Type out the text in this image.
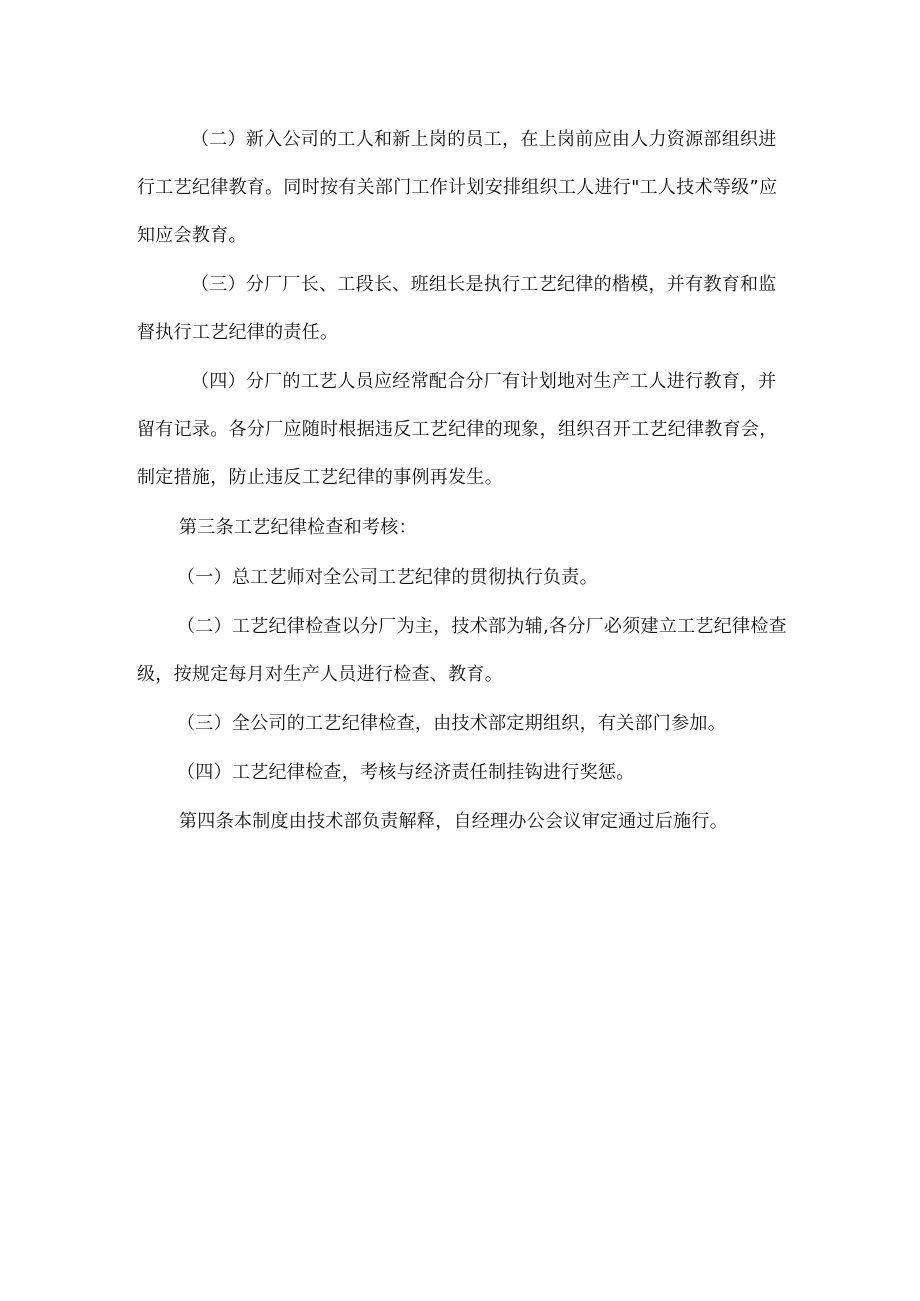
（二）新入公司的工人和新上岗的员工，在上岗前应由人力资源部组织进行工艺纪律教育。同时按有关部门工作计划安排组织工人进行"工人技术等级”应知应会教育。

（三）分厂厂长、工段长、班组长是执行工艺纪律的楷模，并有教育和监督执行工艺纪律的责任。

（四）分厂的工艺人员应经常配合分厂有计划地对生产工人进行教育，并留有记录。各分厂应随时根据违反工艺纪律的现象，组织召开工艺纪律教育会，制定措施，防止违反工艺纪律的事例再发生。

第三条工艺纪律检查和考核：

（一）总工艺师对全公司工艺纪律的贯彻执行负责。

（二）工艺纪律检查以分厂为主，技术部为辅,各分厂必须建立工艺纪律检查级，按规定每月对生产人员进行检查、教育。

（三）全公司的工艺纪律检查，由技术部定期组织，有关部门参加。

（四）工艺纪律检查，考核与经济责任制挂钩进行奖惩。

第四条本制度由技术部负责解释，自经理办公会议审定通过后施行。
